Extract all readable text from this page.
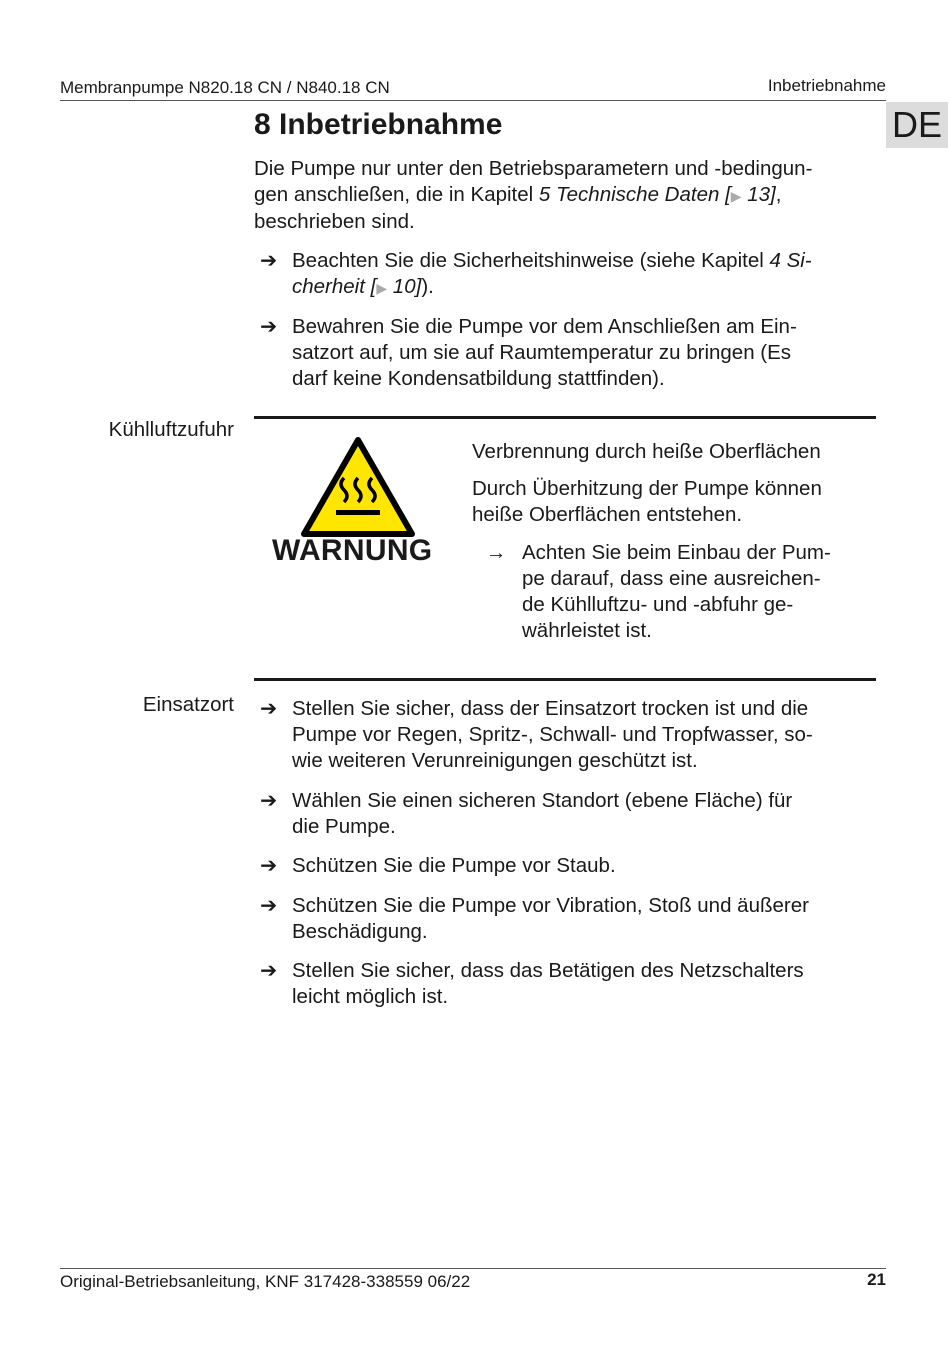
Membranpumpe N820.18 CN / N840.18 CN	Inbetriebnahme
DE
8 Inbetriebnahme
Die Pumpe nur unter den Betriebsparametern und -bedingun-
gen anschließen, die in Kapitel 5 Technische Daten [▶ 13],
beschrieben sind.
➔ Beachten Sie die Sicherheitshinweise (siehe Kapitel 4 Si-
cherheit [▶ 10]).
➔ Bewahren Sie die Pumpe vor dem Anschließen am Ein-
satzort auf, um sie auf Raumtemperatur zu bringen (Es
darf keine Kondensatbildung stattfinden).
Kühlluftzufuhr
WARNUNG
Verbrennung durch heiße Oberflächen
Durch Überhitzung der Pumpe können
heiße Oberflächen entstehen.
→ Achten Sie beim Einbau der Pum-
pe darauf, dass eine ausreichen-
de Kühlluftzu- und -abfuhr ge-
währleistet ist.
Einsatzort ➔ Stellen Sie sicher, dass der Einsatzort trocken ist und die
Pumpe vor Regen, Spritz-, Schwall- und Tropfwasser, so-
wie weiteren Verunreinigungen geschützt ist.
➔ Wählen Sie einen sicheren Standort (ebene Fläche) für
die Pumpe.
➔ Schützen Sie die Pumpe vor Staub.
➔ Schützen Sie die Pumpe vor Vibration, Stoß und äußerer
Beschädigung.
➔ Stellen Sie sicher, dass das Betätigen des Netzschalters
leicht möglich ist.
Original-Betriebsanleitung, KNF 317428-338559 06/22	21
